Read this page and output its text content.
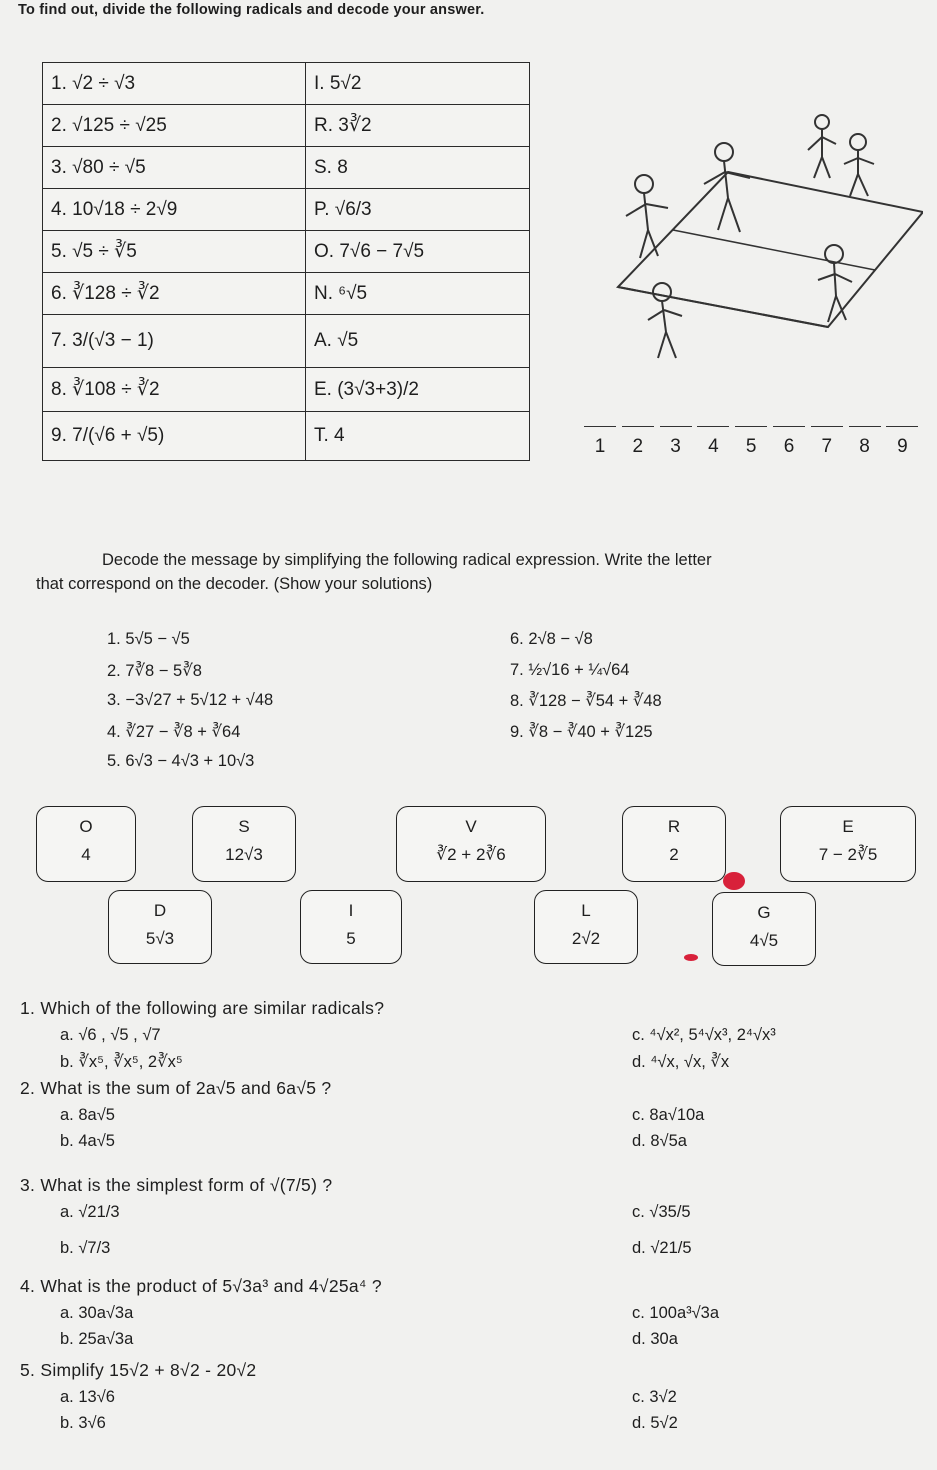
To find out, divide the following radicals and decode your answer.
1. √2 ÷ √3	I. 5√2
2. √125 ÷ √25	R. 3∛2
3. √80 ÷ √5	S. 8
4. 10√18 ÷ 2√9	P. √6/3
5. √5 ÷ ∛5	O. 7√6 − 7√5
6. ∛128 ÷ ∛2	N. ⁶√5
7. 3/(√3 − 1)	A. √5
8. ∛108 ÷ ∛2	E. (3√3+3)/2
9. 7/(√6 + √5)	T. 4
1	2	3	4	5	6	7	8	9
Decode the message by simplifying the following radical expression. Write the letter
that correspond on the decoder. (Show your solutions)
1. 5√5 − √5
2. 7∛8 − 5∛8
3. −3√27 + 5√12 + √48
4. ∛27 − ∛8 + ∛64
5. 6√3 − 4√3 + 10√3
6. 2√8 − √8
7. ½√16 + ¼√64
8. ∛128 − ∛54 + ∛48
9. ∛8 − ∛40 + ∛125
O
4
S
12√3
V
∛2 + 2∛6
R
2
E
7 − 2∛5
D
5√3
I
5
L
2√2
G
4√5
1. Which of the following are similar radicals?
a. √6 , √5 , √7
b. ∛x⁵, ∛x⁵, 2∛x⁵
c. ⁴√x², 5⁴√x³, 2⁴√x³
d. ⁴√x, √x, ∛x
2. What is the sum of 2a√5 and 6a√5 ?
a. 8a√5
b. 4a√5
c. 8a√10a
d. 8√5a
3. What is the simplest form of √(7/5) ?
a. √21/3
b. √7/3
c. √35/5
d. √21/5
4. What is the product of 5√3a³ and 4√25a⁴ ?
a. 30a√3a
b. 25a√3a
c. 100a³√3a
d. 30a
5. Simplify 15√2 + 8√2 - 20√2
a. 13√6
b. 3√6
c. 3√2
d. 5√2
